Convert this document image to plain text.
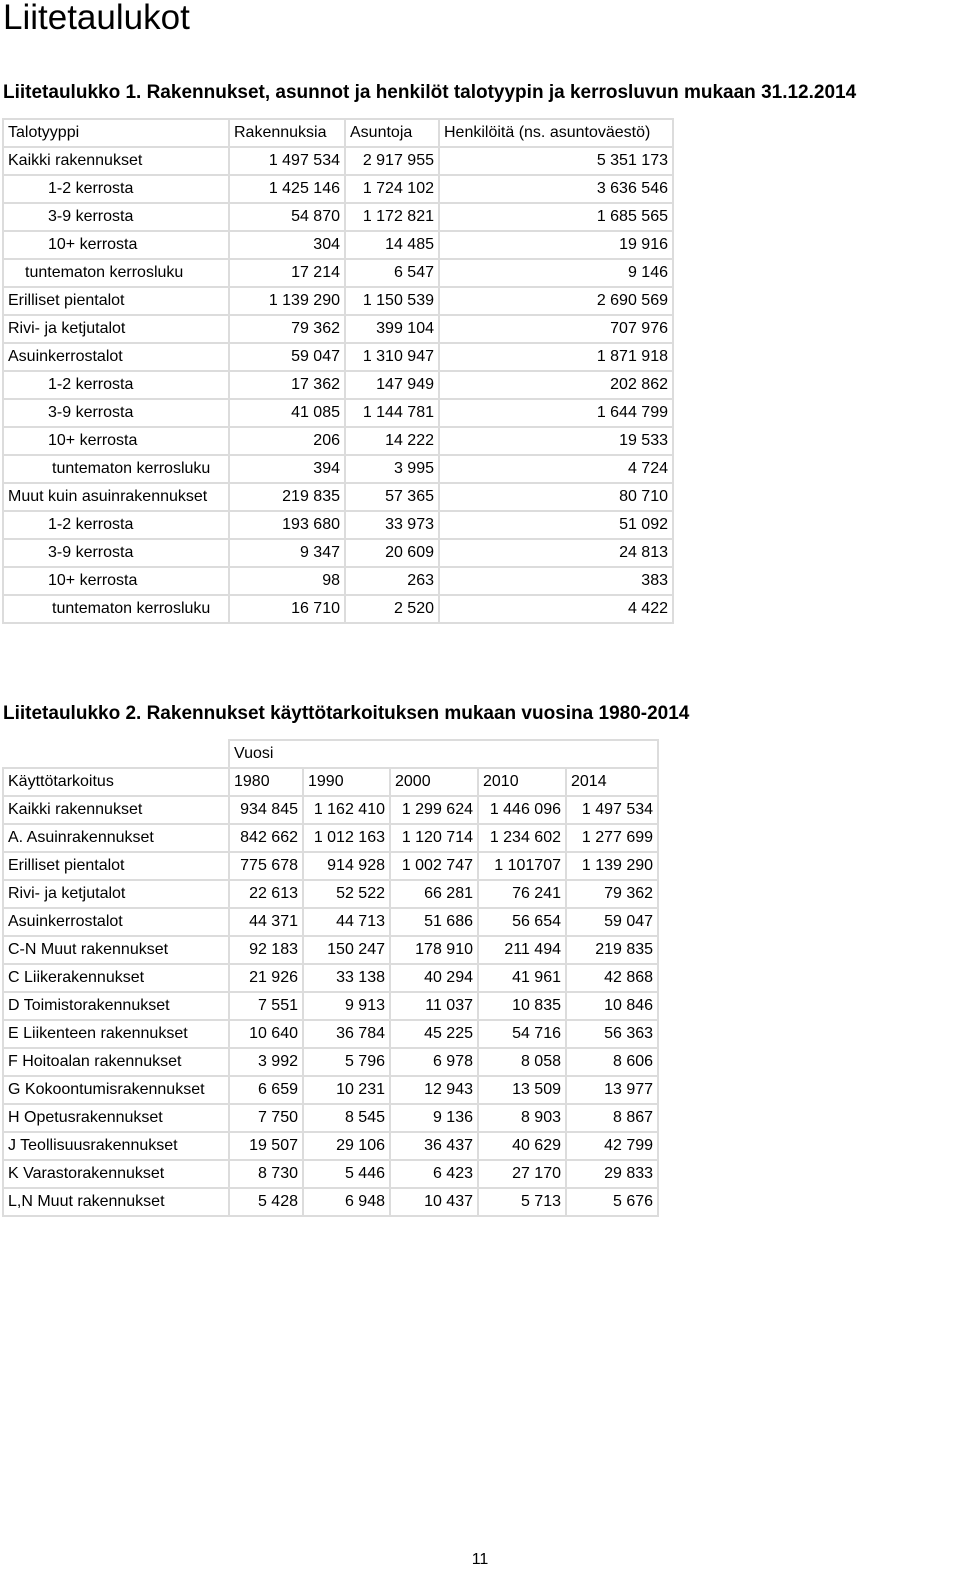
Liitetaulukot
Liitetaulukko 1. Rakennukset, asunnot ja henkilöt talotyypin ja kerrosluvun mukaan 31.12.2014
Talotyyppi	Rakennuksia	Asuntoja	Henkilöitä (ns. asuntoväestö)
Kaikki rakennukset	1 497 534	2 917 955	5 351 173
1-2 kerrosta	1 425 146	1 724 102	3 636 546
3-9 kerrosta	54 870	1 172 821	1 685 565
10+ kerrosta	304	14 485	19 916
tuntematon kerrosluku	17 214	6 547	9 146
Erilliset pientalot	1 139 290	1 150 539	2 690 569
Rivi- ja ketjutalot	79 362	399 104	707 976
Asuinkerrostalot	59 047	1 310 947	1 871 918
1-2 kerrosta	17 362	147 949	202 862
3-9 kerrosta	41 085	1 144 781	1 644 799
10+ kerrosta	206	14 222	19 533
tuntematon kerrosluku	394	3 995	4 724
Muut kuin asuinrakennukset	219 835	57 365	80 710
1-2 kerrosta	193 680	33 973	51 092
3-9 kerrosta	9 347	20 609	24 813
10+ kerrosta	98	263	383
tuntematon kerrosluku	16 710	2 520	4 422
Liitetaulukko 2. Rakennukset käyttötarkoituksen mukaan vuosina 1980-2014
	Vuosi				
Käyttötarkoitus	1980	1990	2000	2010	2014
Kaikki rakennukset	934 845	1 162 410	1 299 624	1 446 096	1 497 534
A. Asuinrakennukset	842 662	1 012 163	1 120 714	1 234 602	1 277 699
Erilliset pientalot	775 678	914 928	1 002 747	1 101707	1 139 290
Rivi- ja ketjutalot	22 613	52 522	66 281	76 241	79 362
Asuinkerrostalot	44 371	44 713	51 686	56 654	59 047
C-N Muut rakennukset	92 183	150 247	178 910	211 494	219 835
C Liikerakennukset	21 926	33 138	40 294	41 961	42 868
D Toimistorakennukset	7 551	9 913	11 037	10 835	10 846
E Liikenteen rakennukset	10 640	36 784	45 225	54 716	56 363
F Hoitoalan rakennukset	3 992	5 796	6 978	8 058	8 606
G Kokoontumisrakennukset	6 659	10 231	12 943	13 509	13 977
H Opetusrakennukset	7 750	8 545	9 136	8 903	8 867
J Teollisuusrakennukset	19 507	29 106	36 437	40 629	42 799
K Varastorakennukset	8 730	5 446	6 423	27 170	29 833
L,N Muut rakennukset	5 428	6 948	10 437	5 713	5 676
11
